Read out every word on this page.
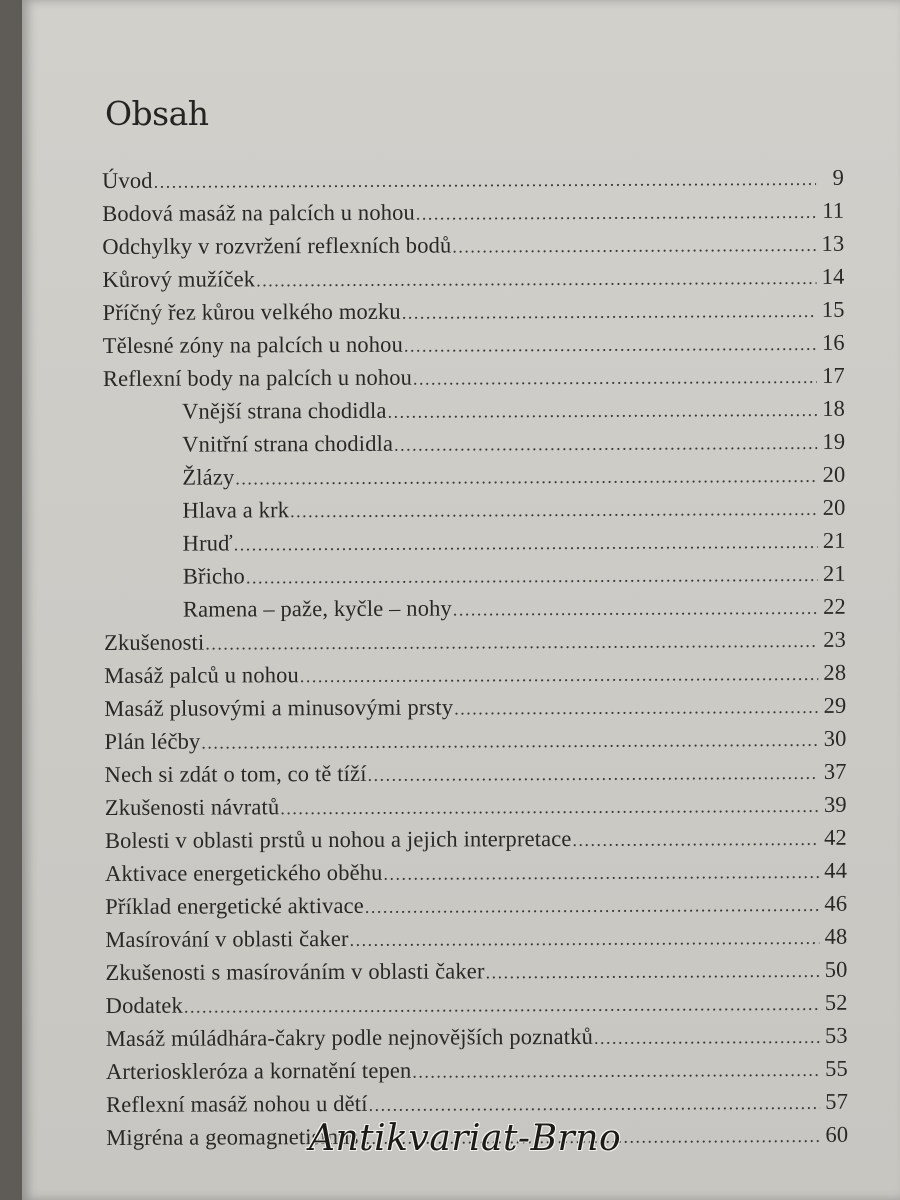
Obsah
Úvod .....	9
Bodová masáž na palcích u nohou .....	11
Odchylky v rozvržení reflexních bodů .....	13
Kůrový mužíček .....	14
Příčný řez kůrou velkého mozku .....	15
Tělesné zóny na palcích u nohou .....	16
Reflexní body na palcích u nohou .....	17
Vnější strana chodidla .....	18
Vnitřní strana chodidla .....	19
Žlázy .....	20
Hlava a krk .....	20
Hruď .....	21
Břicho .....	21
Ramena – paže, kyčle – nohy .....	22
Zkušenosti .....	23
Masáž palců u nohou .....	28
Masáž plusovými a minusovými prsty .....	29
Plán léčby .....	30
Nech si zdát o tom, co tě tíží .....	37
Zkušenosti návratů .....	39
Bolesti v oblasti prstů u nohou a jejich interpretace .....	42
Aktivace energetického oběhu .....	44
Příklad energetické aktivace .....	46
Masírování v oblasti čaker .....	48
Zkušenosti s masírováním v oblasti čaker .....	50
Dodatek .....	52
Masáž múládhára-čakry podle nejnovějších poznatků .....	53
Arterioskleróza a kornatění tepen .....	55
Reflexní masáž nohou u dětí .....	57
Migréna a geomagnetismus .....	60
Antikvariat-Brno
